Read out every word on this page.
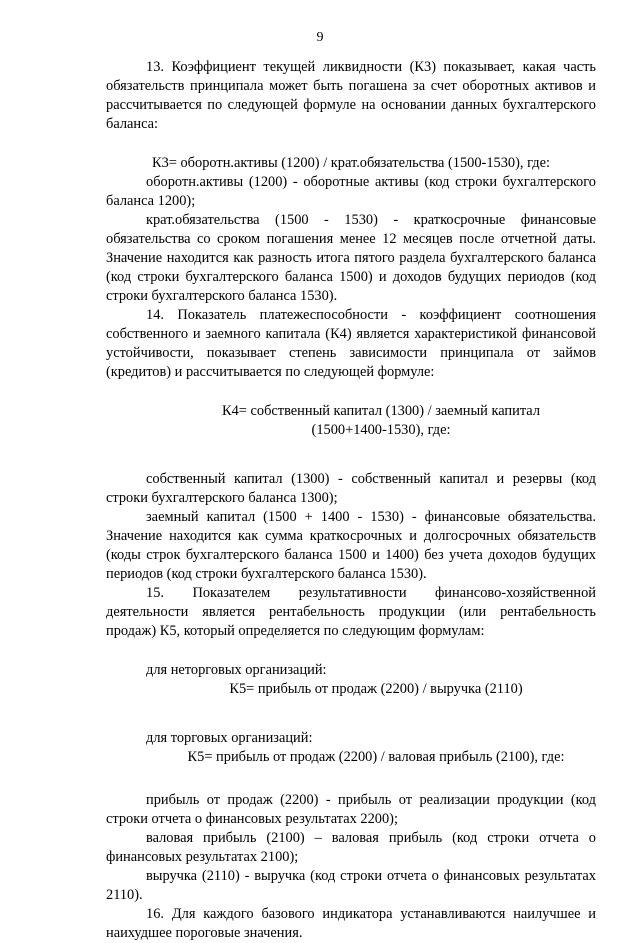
9

13. Коэффициент текущей ликвидности (К3) показывает, какая часть обязательств принципала может быть погашена за счет оборотных активов и рассчитывается по следующей формуле на основании данных бухгалтерского баланса:

К3= оборотн.активы (1200) / крат.обязательства (1500-1530), где:

оборотн.активы (1200) - оборотные активы (код строки бухгалтерского баланса 1200);

крат.обязательства (1500 - 1530) - краткосрочные финансовые обязательства со сроком погашения менее 12 месяцев после отчетной даты. Значение находится как разность итога пятого раздела бухгалтерского баланса (код строки бухгалтерского баланса 1500) и доходов будущих периодов (код строки бухгалтерского баланса 1530).

14. Показатель платежеспособности - коэффициент соотношения собственного и заемного капитала (К4) является характеристикой финансовой устойчивости, показывает степень зависимости принципала от займов (кредитов) и рассчитывается по следующей формуле:

К4= собственный капитал (1300) / заемный капитал

(1500+1400-1530), где:

собственный капитал (1300) - собственный капитал и резервы (код строки бухгалтерского баланса 1300);

заемный капитал (1500 + 1400 - 1530) - финансовые обязательства. Значение находится как сумма краткосрочных и долгосрочных обязательств (коды строк бухгалтерского баланса 1500 и 1400) без учета доходов будущих периодов (код строки бухгалтерского баланса 1530).

15. Показателем результативности финансово-хозяйственной деятельности является рентабельность продукции (или рентабельность продаж) К5, который определяется по следующим формулам:

для неторговых организаций:

К5= прибыль от продаж (2200) / выручка (2110)

для торговых организаций:

К5= прибыль от продаж (2200) / валовая прибыль (2100), где:

прибыль от продаж (2200) - прибыль от реализации продукции (код строки отчета о финансовых результатах 2200);

валовая прибыль (2100) – валовая прибыль (код строки отчета о финансовых результатах 2100);

выручка (2110) - выручка (код строки отчета о финансовых результатах 2110).

16. Для каждого базового индикатора устанавливаются наилучшее и наихудшее пороговые значения.
